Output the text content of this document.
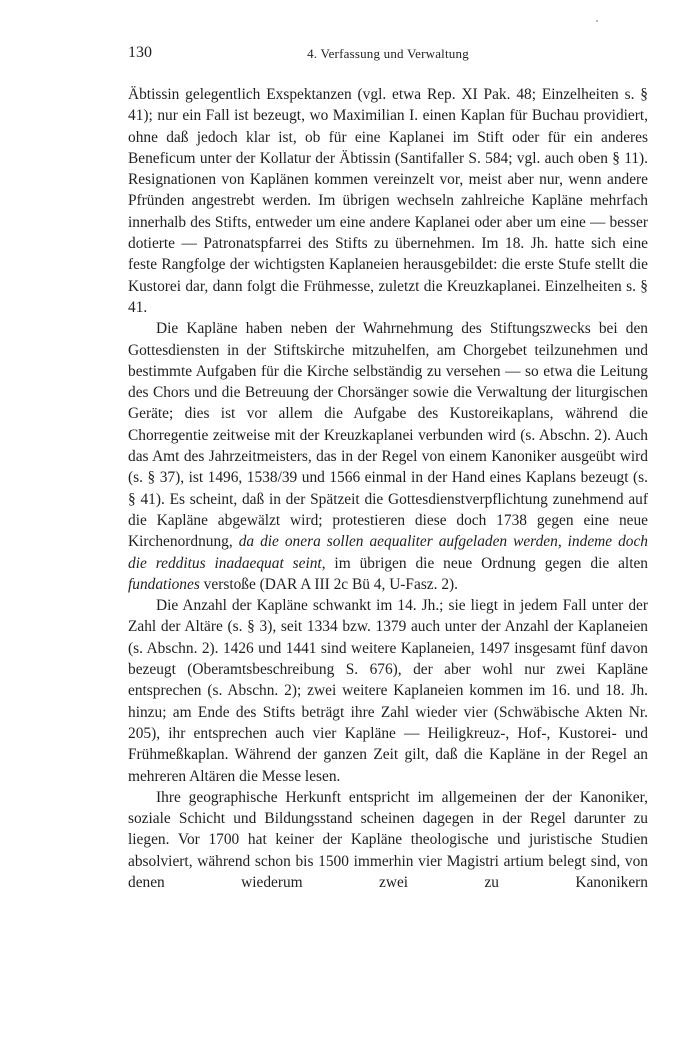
130	4. Verfassung und Verwaltung

Äbtissin gelegentlich Exspektanzen (vgl. etwa Rep. XI Pak. 48; Einzelheiten s. § 41); nur ein Fall ist bezeugt, wo Maximilian I. einen Kaplan für Buchau providiert, ohne daß jedoch klar ist, ob für eine Kaplanei im Stift oder für ein anderes Beneficum unter der Kollatur der Äbtissin (Santifaller S. 584; vgl. auch oben § 11). Resignationen von Kaplänen kommen vereinzelt vor, meist aber nur, wenn andere Pfründen angestrebt werden. Im übrigen wechseln zahlreiche Kapläne mehrfach innerhalb des Stifts, entweder um eine andere Kaplanei oder aber um eine — besser dotierte — Patronatspfarrei des Stifts zu übernehmen. Im 18. Jh. hatte sich eine feste Rangfolge der wichtigsten Kaplaneien herausgebildet: die erste Stufe stellt die Kustorei dar, dann folgt die Frühmesse, zuletzt die Kreuzkaplanei. Einzelheiten s. § 41.

Die Kapläne haben neben der Wahrnehmung des Stiftungszwecks bei den Gottesdiensten in der Stiftskirche mitzuhelfen, am Chorgebet teilzunehmen und bestimmte Aufgaben für die Kirche selbständig zu versehen — so etwa die Leitung des Chors und die Betreuung der Chorsänger sowie die Verwaltung der liturgischen Geräte; dies ist vor allem die Aufgabe des Kustoreikaplans, während die Chorregentie zeitweise mit der Kreuzkaplanei verbunden wird (s. Abschn. 2). Auch das Amt des Jahrzeitmeisters, das in der Regel von einem Kanoniker ausgeübt wird (s. § 37), ist 1496, 1538/39 und 1566 einmal in der Hand eines Kaplans bezeugt (s. § 41). Es scheint, daß in der Spätzeit die Gottesdienstverpflichtung zunehmend auf die Kapläne abgewälzt wird; protestieren diese doch 1738 gegen eine neue Kirchenordnung, da die onera sollen aequaliter aufgeladen werden, indeme doch die redditus inadaequat seint, im übrigen die neue Ordnung gegen die alten fundationes verstoße (DAR A III 2c Bü 4, U-Fasz. 2).

Die Anzahl der Kapläne schwankt im 14. Jh.; sie liegt in jedem Fall unter der Zahl der Altäre (s. § 3), seit 1334 bzw. 1379 auch unter der Anzahl der Kaplaneien (s. Abschn. 2). 1426 und 1441 sind weitere Kaplaneien, 1497 insgesamt fünf davon bezeugt (Oberamtsbeschreibung S. 676), der aber wohl nur zwei Kapläne entsprechen (s. Abschn. 2); zwei weitere Kaplaneien kommen im 16. und 18. Jh. hinzu; am Ende des Stifts beträgt ihre Zahl wieder vier (Schwäbische Akten Nr. 205), ihr entsprechen auch vier Kapläne — Heiligkreuz-, Hof-, Kustorei- und Frühmeßkaplan. Während der ganzen Zeit gilt, daß die Kapläne in der Regel an mehreren Altären die Messe lesen.

Ihre geographische Herkunft entspricht im allgemeinen der der Kanoniker, soziale Schicht und Bildungsstand scheinen dagegen in der Regel darunter zu liegen. Vor 1700 hat keiner der Kapläne theologische und juristische Studien absolviert, während schon bis 1500 immerhin vier Magistri artium belegt sind, von denen wiederum zwei zu Kanonikern
